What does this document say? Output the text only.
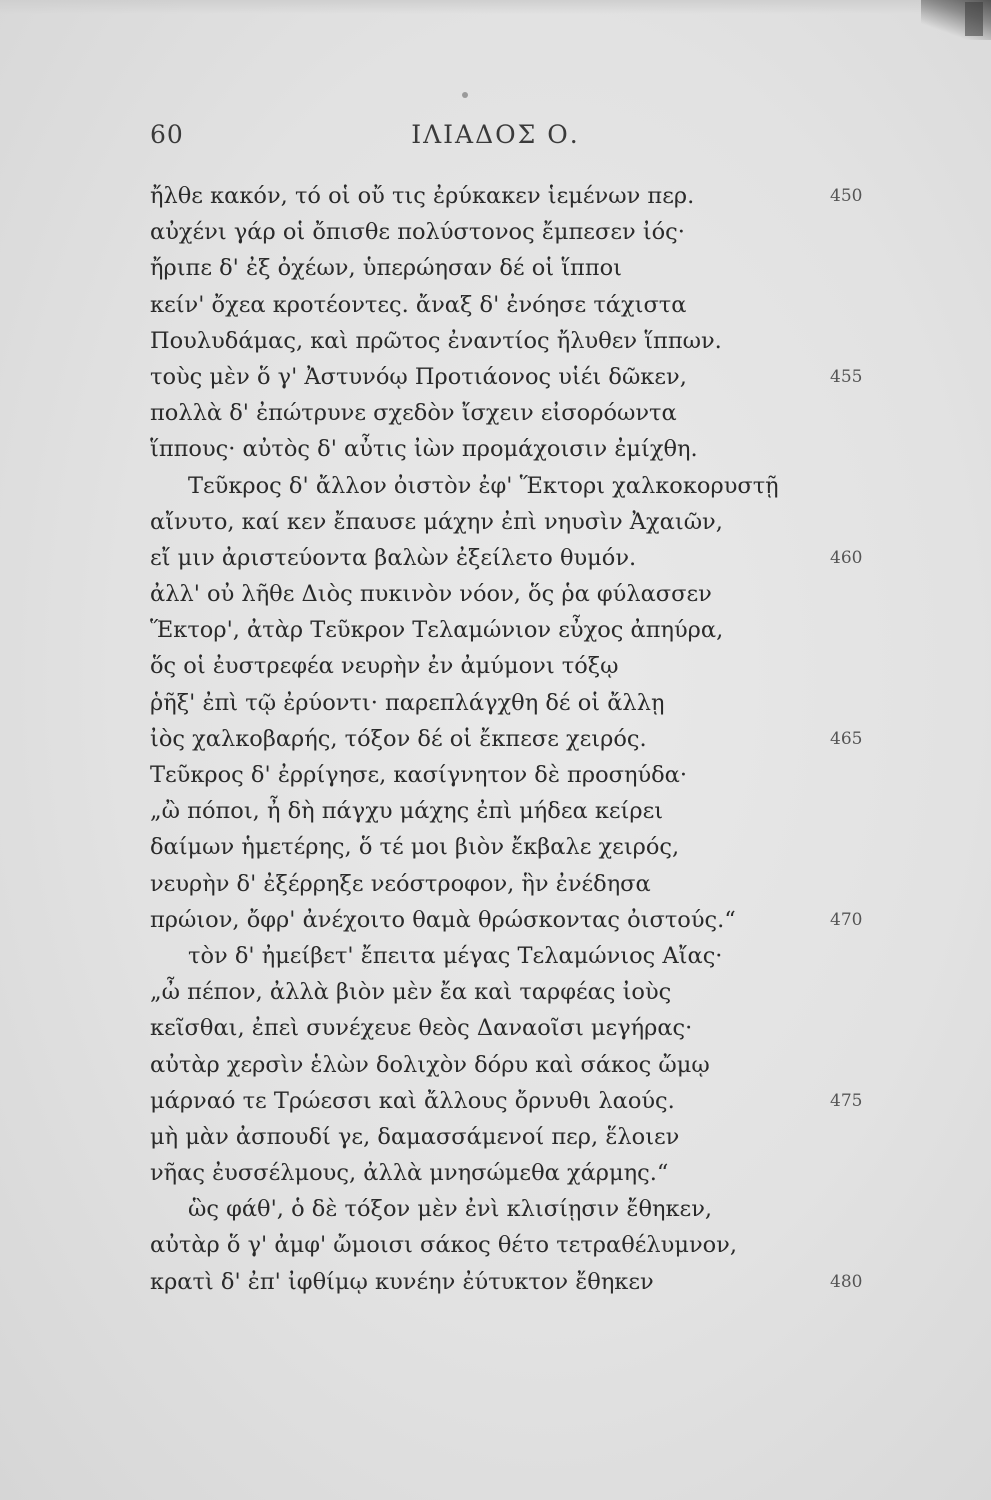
ΙΛΙΑΔΟΣ Ο.
60
ἤλθε κακόν, τό οἱ οὔ τις ἐρύκακεν ἱεμένων περ.	450
αὐχένι γάρ οἱ ὄπισθε πολύστονος ἔμπεσεν ἰός·
ἤριπε δ' ἐξ ὀχέων, ὑπερώησαν δέ οἱ ἵπποι
κείν' ὄχεα κροτέοντες. ἄναξ δ' ἐνόησε τάχιστα
Πουλυδάμας, καὶ πρῶτος ἐναντίος ἤλυθεν ἵππων.
τοὺς μὲν ὅ γ' Ἀστυνόῳ Προτιάονος υἱέι δῶκεν,	455
πολλὰ δ' ἐπώτρυνε σχεδὸν ἴσχειν εἰσορόωντα
ἵππους· αὐτὸς δ' αὖτις ἰὼν προμάχοισιν ἐμίχθη.
Τεῦκρος δ' ἄλλον ὀιστὸν ἐφ' Ἕκτορι χαλκοκορυστῇ
αἴνυτο, καί κεν ἔπαυσε μάχην ἐπὶ νηυσὶν Ἀχαιῶν,
εἴ μιν ἀριστεύοντα βαλὼν ἐξείλετο θυμόν.	460
ἀλλ' οὐ λῆθε Διὸς πυκινὸν νόον, ὅς ῥα φύλασσεν
Ἕκτορ', ἀτὰρ Τεῦκρον Τελαμώνιον εὖχος ἀπηύρα,
ὅς οἱ ἐυστρεφέα νευρὴν ἐν ἀμύμονι τόξῳ
ῥῆξ' ἐπὶ τῷ ἐρύοντι· παρεπλάγχθη δέ οἱ ἄλλῃ
ἰὸς χαλκοβαρής, τόξον δέ οἱ ἔκπεσε χειρός.	465
Τεῦκρος δ' ἐρρίγησε, κασίγνητον δὲ προσηύδα·
„ὢ πόποι, ἦ δὴ πάγχυ μάχης ἐπὶ μήδεα κείρει
δαίμων ἡμετέρης, ὅ τέ μοι βιὸν ἔκβαλε χειρός,
νευρὴν δ' ἐξέρρηξε νεόστροφον, ἣν ἐνέδησα
πρώιον, ὄφρ' ἀνέχοιτο θαμὰ θρώσκοντας ὀιστούς.“	470
τὸν δ' ἠμείβετ' ἔπειτα μέγας Τελαμώνιος Αἴας·
„ὦ πέπον, ἀλλὰ βιὸν μὲν ἔα καὶ ταρφέας ἰοὺς
κεῖσθαι, ἐπεὶ συνέχευε θεὸς Δαναοῖσι μεγήρας·
αὐτὰρ χερσὶν ἑλὼν δολιχὸν δόρυ καὶ σάκος ὤμῳ
μάρναό τε Τρώεσσι καὶ ἄλλους ὄρνυθι λαούς.	475
μὴ μὰν ἀσπουδί γε, δαμασσάμενοί περ, ἕλοιεν
νῆας ἐυσσέλμους, ἀλλὰ μνησώμεθα χάρμης.“
ὣς φάθ', ὁ δὲ τόξον μὲν ἐνὶ κλισίῃσιν ἔθηκεν,
αὐτὰρ ὅ γ' ἀμφ' ὤμοισι σάκος θέτο τετραθέλυμνον,
κρατὶ δ' ἐπ' ἰφθίμῳ κυνέην ἐύτυκτον ἔθηκεν	480
